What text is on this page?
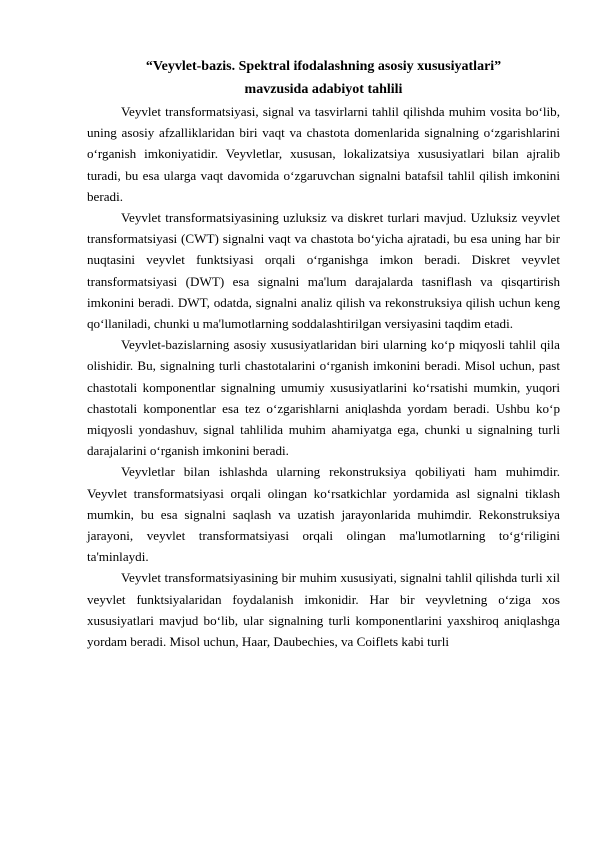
“Veyvlet-bazis. Spektral ifodalashning asosiy xususiyatlari”
mavzusida adabiyot tahlili

Veyvlet transformatsiyasi, signal va tasvirlarni tahlil qilishda muhim vosita bo‘lib, uning asosiy afzalliklaridan biri vaqt va chastota domenlarida signalning o‘zgarishlarini o‘rganish imkoniyatidir. Veyvletlar, xususan, lokalizatsiya xususiyatlari bilan ajralib turadi, bu esa ularga vaqt davomida o‘zgaruvchan signalni batafsil tahlil qilish imkonini beradi.

Veyvlet transformatsiyasining uzluksiz va diskret turlari mavjud. Uzluksiz veyvlet transformatsiyasi (CWT) signalni vaqt va chastota bo‘yicha ajratadi, bu esa uning har bir nuqtasini veyvlet funktsiyasi orqali o‘rganishga imkon beradi. Diskret veyvlet transformatsiyasi (DWT) esa signalni ma'lum darajalarda tasniflash va qisqartirish imkonini beradi. DWT, odatda, signalni analiz qilish va rekonstruksiya qilish uchun keng qo‘llaniladi, chunki u ma'lumotlarning soddalashtirilgan versiyasini taqdim etadi.

Veyvlet-bazislarning asosiy xususiyatlaridan biri ularning ko‘p miqyosli tahlil qila olishidir. Bu, signalning turli chastotalarini o‘rganish imkonini beradi. Misol uchun, past chastotali komponentlar signalning umumiy xususiyatlarini ko‘rsatishi mumkin, yuqori chastotali komponentlar esa tez o‘zgarishlarni aniqlashda yordam beradi. Ushbu ko‘p miqyosli yondashuv, signal tahlilida muhim ahamiyatga ega, chunki u signalning turli darajalarini o‘rganish imkonini beradi.

Veyvletlar bilan ishlashda ularning rekonstruksiya qobiliyati ham muhimdir. Veyvlet transformatsiyasi orqali olingan ko‘rsatkichlar yordamida asl signalni tiklash mumkin, bu esa signalni saqlash va uzatish jarayonlarida muhimdir. Rekonstruksiya jarayoni, veyvlet transformatsiyasi orqali olingan ma'lumotlarning to‘g‘riligini ta'minlaydi.

Veyvlet transformatsiyasining bir muhim xususiyati, signalni tahlil qilishda turli xil veyvlet funktsiyalaridan foydalanish imkonidir. Har bir veyvletning o‘ziga xos xususiyatlari mavjud bo‘lib, ular signalning turli komponentlarini yaxshiroq aniqlashga yordam beradi. Misol uchun, Haar, Daubechies, va Coiflets kabi turli
